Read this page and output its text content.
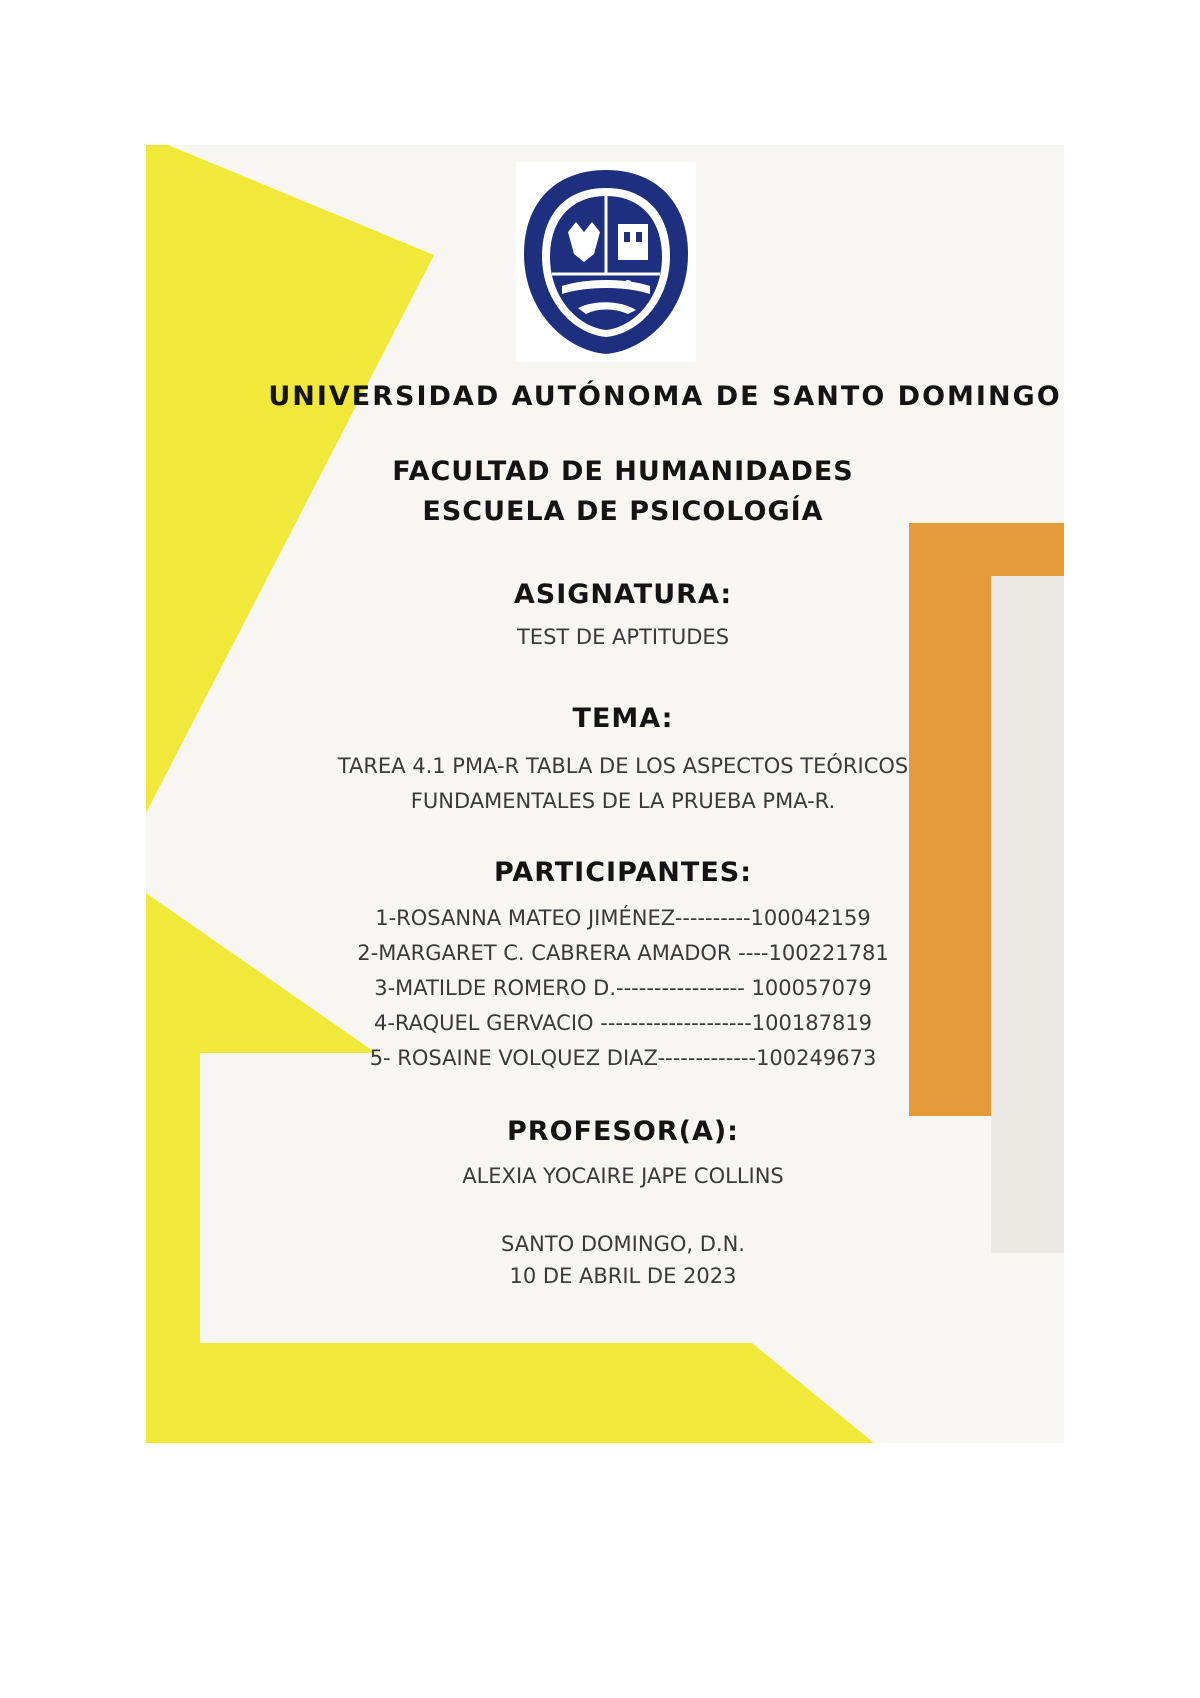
UNIVERSIDAD AUTÓNOMA DE SANTO DOMINGO
FACULTAD DE HUMANIDADES
ESCUELA DE PSICOLOGÍA
ASIGNATURA:
TEST DE APTITUDES
TEMA:
TAREA 4.1 PMA-R TABLA DE LOS ASPECTOS TEÓRICOS
FUNDAMENTALES DE LA PRUEBA PMA-R.
PARTICIPANTES:
1-ROSANNA MATEO JIMÉNEZ----------100042159
2-MARGARET C. CABRERA AMADOR ----100221781
3-MATILDE ROMERO D.----------------- 100057079
4-RAQUEL GERVACIO --------------------100187819
5- ROSAINE VOLQUEZ DIAZ-------------100249673
PROFESOR(A):
ALEXIA YOCAIRE JAPE COLLINS
SANTO DOMINGO, D.N.
10 DE ABRIL DE 2023
